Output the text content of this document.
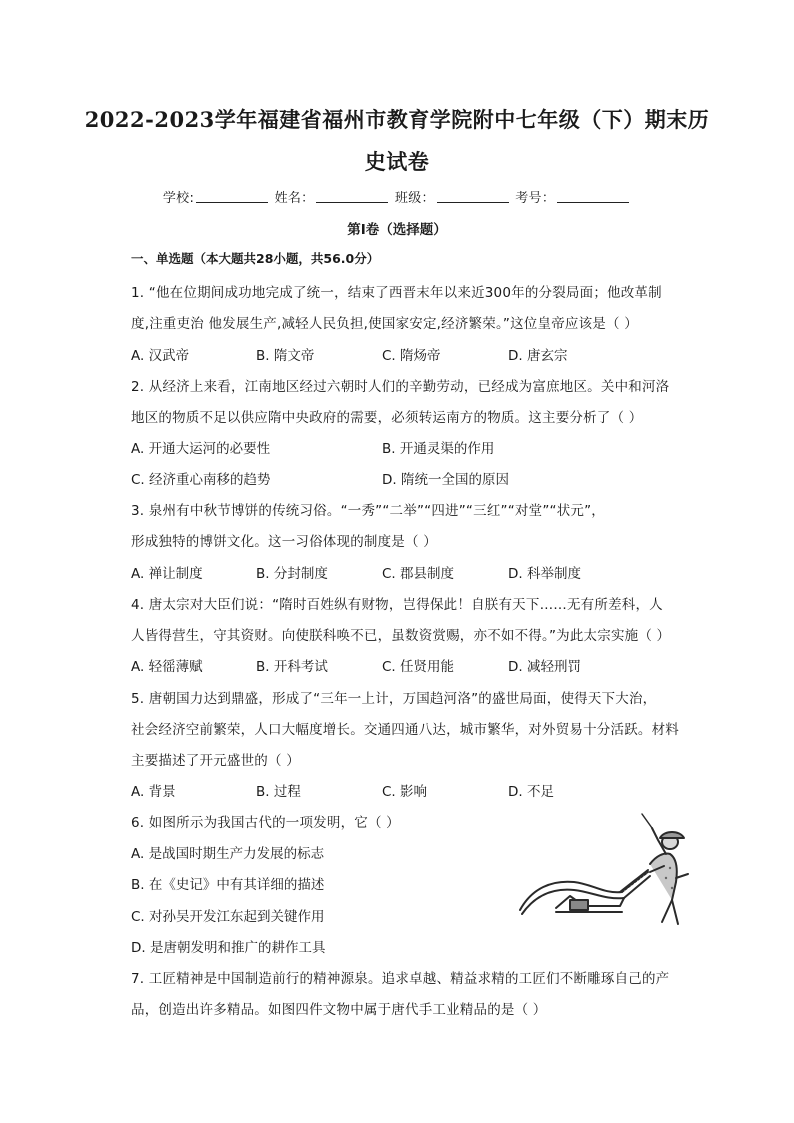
2022-2023学年福建省福州市教育学院附中七年级（下）期末历
史试卷
学校:	姓名：	班级：	考号：
第I卷（选择题）
一、单选题（本大题共28小题，共56.0分）
1. “他在位期间成功地完成了统一，结束了西晋末年以来近300年的分裂局面；他改革制
度,注重吏治 他发展生产,减轻人民负担,使国家安定,经济繁荣。”这位皇帝应该是（ ）
A. 汉武帝	B. 隋文帝	C. 隋炀帝	D. 唐玄宗
2. 从经济上来看，江南地区经过六朝时人们的辛勤劳动，已经成为富庶地区。关中和河洛
地区的物质不足以供应隋中央政府的需要，必须转运南方的物质。这主要分析了（ ）
A. 开通大运河的必要性	B. 开通灵渠的作用
C. 经济重心南移的趋势	D. 隋统一全国的原因
3. 泉州有中秋节博饼的传统习俗。“一秀”“二举”“四进”“三红”“对堂”“状元”，
形成独特的博饼文化。这一习俗体现的制度是（ ）
A. 禅让制度	B. 分封制度	C. 郡县制度	D. 科举制度
4. 唐太宗对大臣们说：“隋时百姓纵有财物，岂得保此！自朕有天下……无有所差科，人
人皆得营生，守其资财。向使朕科唤不已，虽数资赏赐，亦不如不得。”为此太宗实施（ ）
A. 轻徭薄赋	B. 开科考试	C. 任贤用能	D. 减轻刑罚
5. 唐朝国力达到鼎盛，形成了“三年一上计，万国趋河洛”的盛世局面，使得天下大治，
社会经济空前繁荣，人口大幅度增长。交通四通八达，城市繁华，对外贸易十分活跃。材料
主要描述了开元盛世的（ ）
A. 背景	B. 过程	C. 影响	D. 不足
6. 如图所示为我国古代的一项发明，它（ ）
A. 是战国时期生产力发展的标志
B. 在《史记》中有其详细的描述
C. 对孙吴开发江东起到关键作用
D. 是唐朝发明和推广的耕作工具
7. 工匠精神是中国制造前行的精神源泉。追求卓越、精益求精的工匠们不断雕琢自己的产
品，创造出许多精品。如图四件文物中属于唐代手工业精品的是（ ）
